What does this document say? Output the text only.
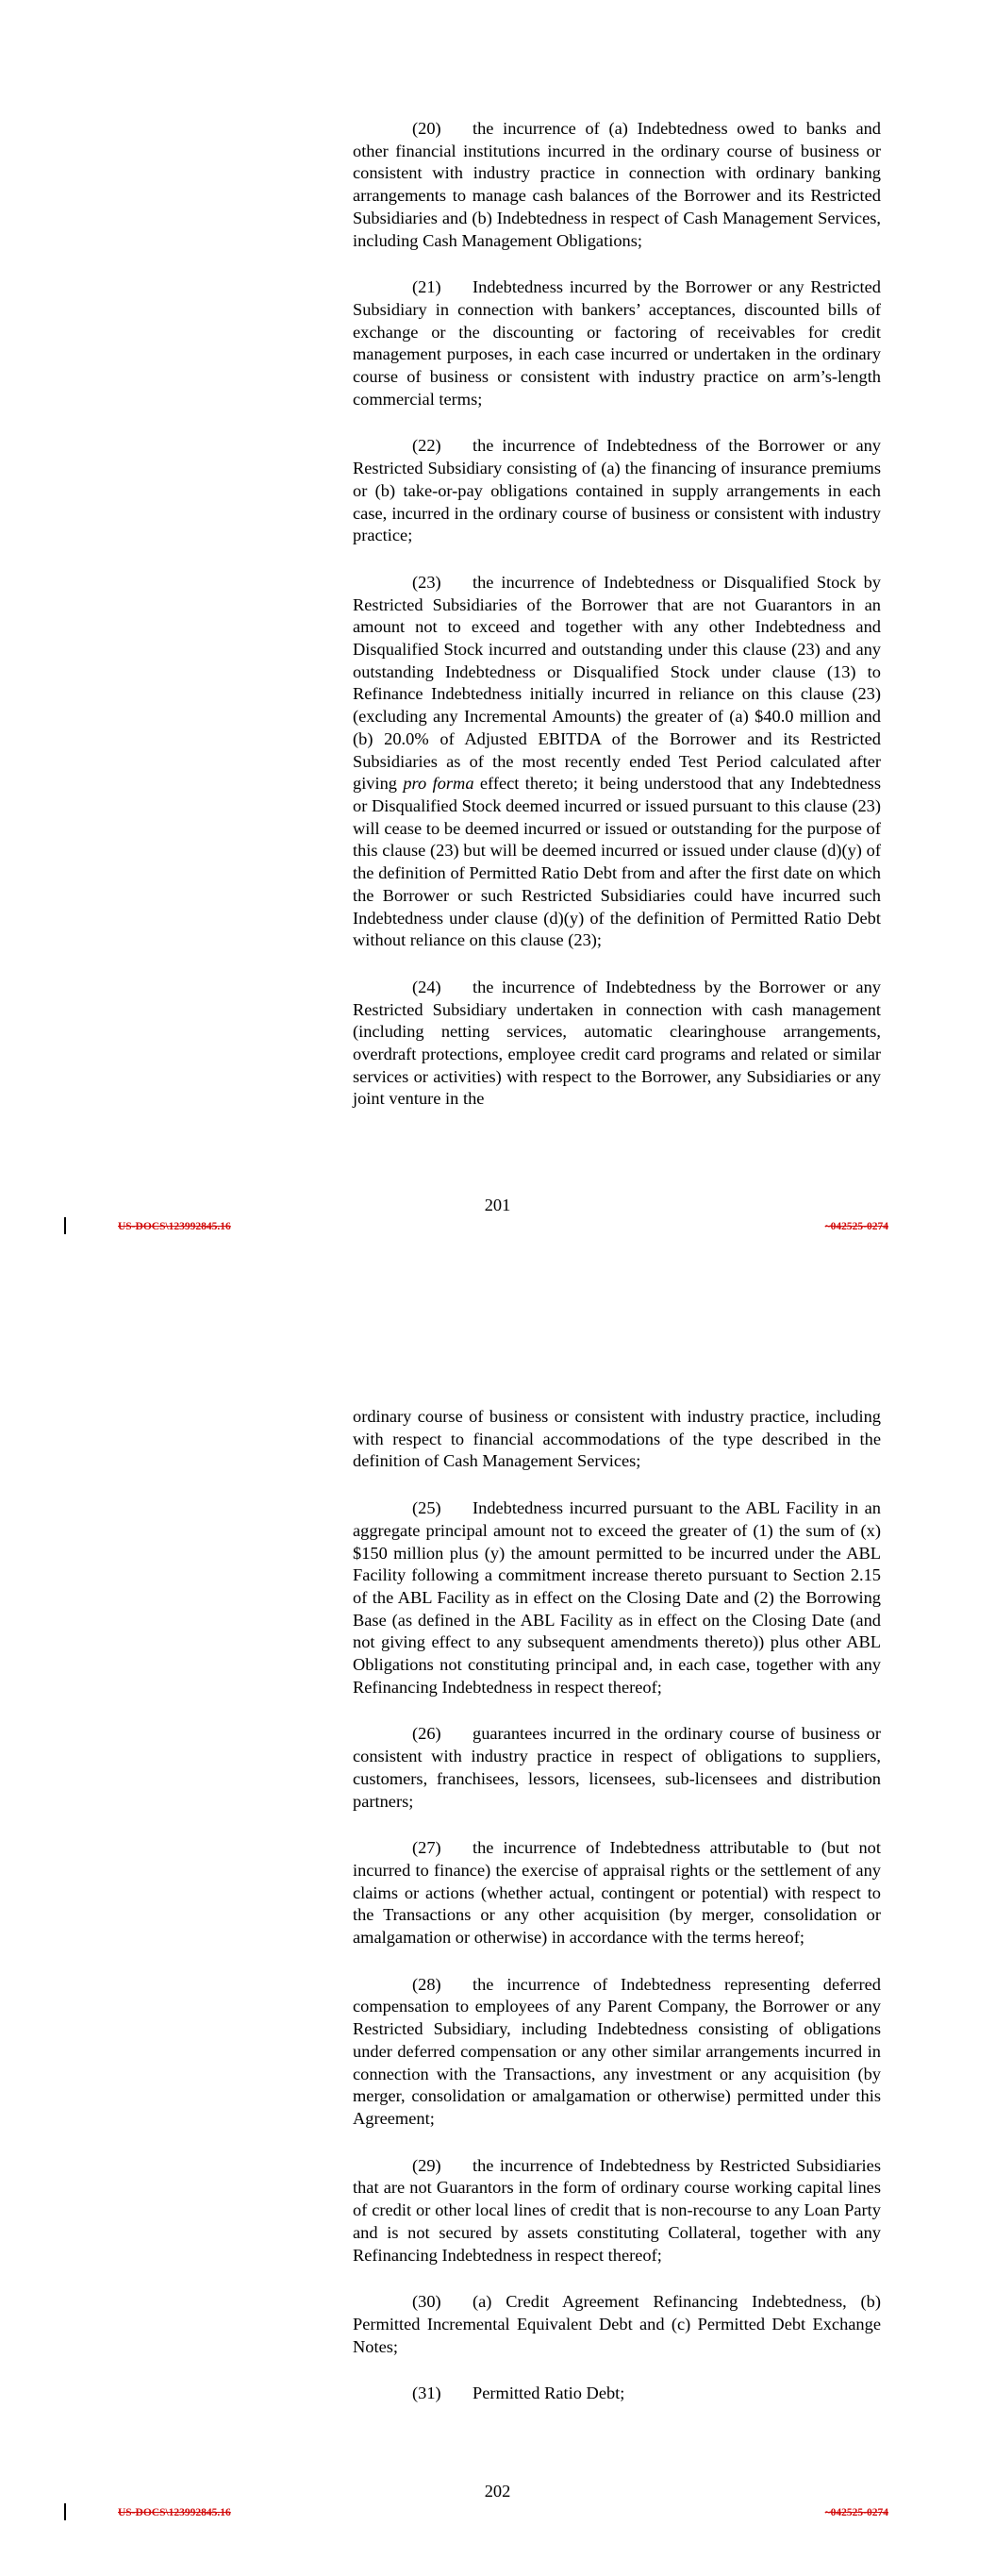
(20) the incurrence of (a) Indebtedness owed to banks and other financial institutions incurred in the ordinary course of business or consistent with industry practice in connection with ordinary banking arrangements to manage cash balances of the Borrower and its Restricted Subsidiaries and (b) Indebtedness in respect of Cash Management Services, including Cash Management Obligations;

(21) Indebtedness incurred by the Borrower or any Restricted Subsidiary in connection with bankers’ acceptances, discounted bills of exchange or the discounting or factoring of receivables for credit management purposes, in each case incurred or undertaken in the ordinary course of business or consistent with industry practice on arm’s-length commercial terms;

(22) the incurrence of Indebtedness of the Borrower or any Restricted Subsidiary consisting of (a) the financing of insurance premiums or (b) take-or-pay obligations contained in supply arrangements in each case, incurred in the ordinary course of business or consistent with industry practice;

(23) the incurrence of Indebtedness or Disqualified Stock by Restricted Subsidiaries of the Borrower that are not Guarantors in an amount not to exceed and together with any other Indebtedness and Disqualified Stock incurred and outstanding under this clause (23) and any outstanding Indebtedness or Disqualified Stock under clause (13) to Refinance Indebtedness initially incurred in reliance on this clause (23) (excluding any Incremental Amounts) the greater of (a) $40.0 million and (b) 20.0% of Adjusted EBITDA of the Borrower and its Restricted Subsidiaries as of the most recently ended Test Period calculated after giving pro forma effect thereto; it being understood that any Indebtedness or Disqualified Stock deemed incurred or issued pursuant to this clause (23) will cease to be deemed incurred or issued or outstanding for the purpose of this clause (23) but will be deemed incurred or issued under clause (d)(y) of the definition of Permitted Ratio Debt from and after the first date on which the Borrower or such Restricted Subsidiaries could have incurred such Indebtedness under clause (d)(y) of the definition of Permitted Ratio Debt without reliance on this clause (23);

(24) the incurrence of Indebtedness by the Borrower or any Restricted Subsidiary undertaken in connection with cash management (including netting services, automatic clearinghouse arrangements, overdraft protections, employee credit card programs and related or similar services or activities) with respect to the Borrower, any Subsidiaries or any joint venture in the

201
US-DOCS\123992845.16	~042525-0274

ordinary course of business or consistent with industry practice, including with respect to financial accommodations of the type described in the definition of Cash Management Services;

(25) Indebtedness incurred pursuant to the ABL Facility in an aggregate principal amount not to exceed the greater of (1) the sum of (x) $150 million plus (y) the amount permitted to be incurred under the ABL Facility following a commitment increase thereto pursuant to Section 2.15 of the ABL Facility as in effect on the Closing Date and (2) the Borrowing Base (as defined in the ABL Facility as in effect on the Closing Date (and not giving effect to any subsequent amendments thereto)) plus other ABL Obligations not constituting principal and, in each case, together with any Refinancing Indebtedness in respect thereof;

(26) guarantees incurred in the ordinary course of business or consistent with industry practice in respect of obligations to suppliers, customers, franchisees, lessors, licensees, sub-licensees and distribution partners;

(27) the incurrence of Indebtedness attributable to (but not incurred to finance) the exercise of appraisal rights or the settlement of any claims or actions (whether actual, contingent or potential) with respect to the Transactions or any other acquisition (by merger, consolidation or amalgamation or otherwise) in accordance with the terms hereof;

(28) the incurrence of Indebtedness representing deferred compensation to employees of any Parent Company, the Borrower or any Restricted Subsidiary, including Indebtedness consisting of obligations under deferred compensation or any other similar arrangements incurred in connection with the Transactions, any investment or any acquisition (by merger, consolidation or amalgamation or otherwise) permitted under this Agreement;

(29) the incurrence of Indebtedness by Restricted Subsidiaries that are not Guarantors in the form of ordinary course working capital lines of credit or other local lines of credit that is non-recourse to any Loan Party and is not secured by assets constituting Collateral, together with any Refinancing Indebtedness in respect thereof;

(30) (a) Credit Agreement Refinancing Indebtedness, (b) Permitted Incremental Equivalent Debt and (c) Permitted Debt Exchange Notes;

(31) Permitted Ratio Debt;

202
US-DOCS\123992845.16	~042525-0274
